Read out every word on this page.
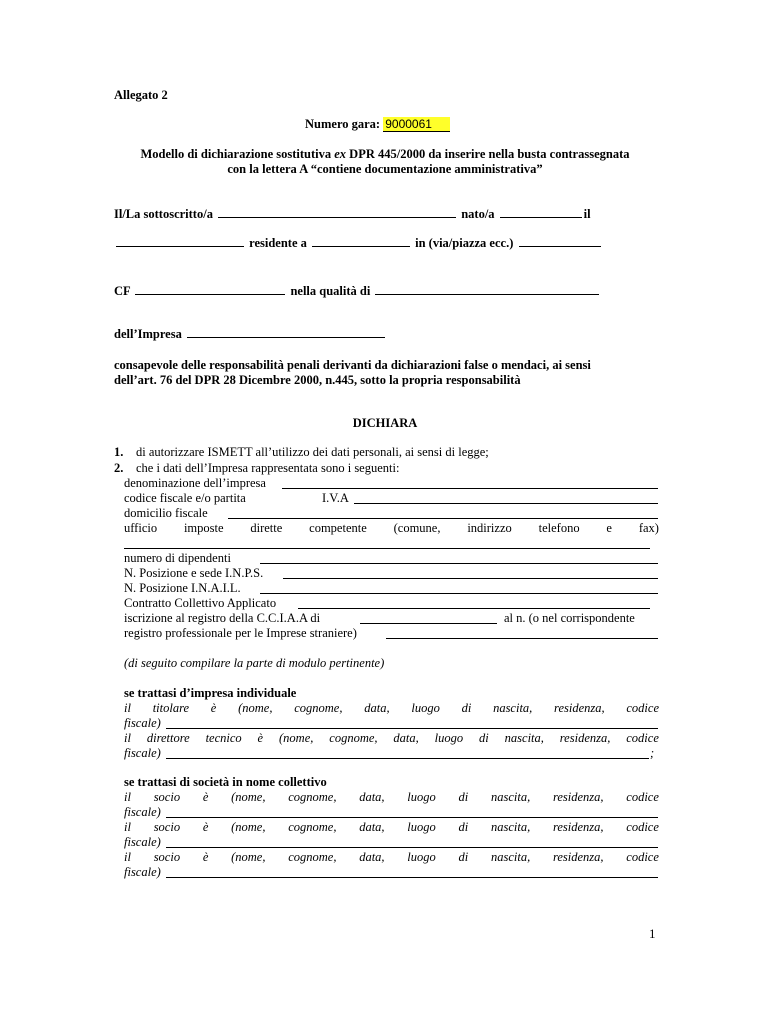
Allegato 2
Numero gara: 9000061
Modello di dichiarazione sostitutiva ex DPR 445/2000 da inserire nella busta contrassegnata
con la lettera A “contiene documentazione amministrativa”
Il/La sottoscritto/a	nato/a	il
residente a	in (via/piazza ecc.)
CF	nella qualità di
dell’Impresa
consapevole delle responsabilità penali derivanti da dichiarazioni false o mendaci, ai sensi
dell’art. 76 del DPR 28 Dicembre 2000, n.445, sotto la propria responsabilità
DICHIARA
1. di autorizzare ISMETT all’utilizzo dei dati personali, ai sensi di legge;
2. che i dati dell’Impresa rappresentata sono i seguenti:
denominazione dell’impresa
codice fiscale e/o partita	I.V.A
domicilio fiscale
ufficio imposte dirette competente (comune, indirizzo telefono e fax)
numero di dipendenti
N. Posizione e sede I.N.P.S.
N. Posizione I.N.A.I.L.
Contratto Collettivo Applicato
iscrizione al registro della C.C.I.A.A di	al n. (o nel corrispondente
registro professionale per le Imprese straniere)
(di seguito compilare la parte di modulo pertinente)
se trattasi d’impresa individuale
il titolare è (nome, cognome, data, luogo di nascita, residenza, codice
fiscale)
il direttore tecnico è (nome, cognome, data, luogo di nascita, residenza, codice
fiscale)	;
se trattasi di società in nome collettivo
il socio è (nome, cognome, data, luogo di nascita, residenza, codice
fiscale)
il socio è (nome, cognome, data, luogo di nascita, residenza, codice
fiscale)
il socio è (nome, cognome, data, luogo di nascita, residenza, codice
fiscale)
1
